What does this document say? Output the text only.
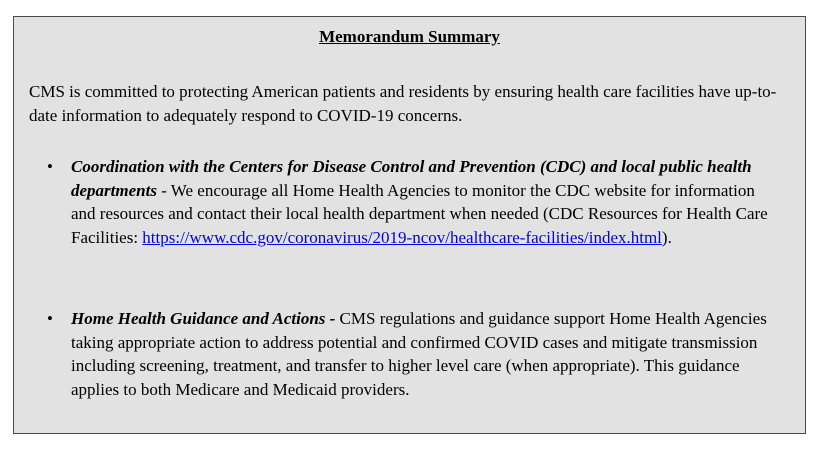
Memorandum Summary

CMS is committed to protecting American patients and residents by ensuring health care facilities have up-to-date information to adequately respond to COVID-19 concerns.

• Coordination with the Centers for Disease Control and Prevention (CDC) and local public health departments - We encourage all Home Health Agencies to monitor the CDC website for information and resources and contact their local health department when needed (CDC Resources for Health Care Facilities: https://www.cdc.gov/coronavirus/2019-ncov/healthcare-facilities/index.html).
• Home Health Guidance and Actions - CMS regulations and guidance support Home Health Agencies taking appropriate action to address potential and confirmed COVID cases and mitigate transmission including screening, treatment, and transfer to higher level care (when appropriate). This guidance applies to both Medicare and Medicaid providers.
